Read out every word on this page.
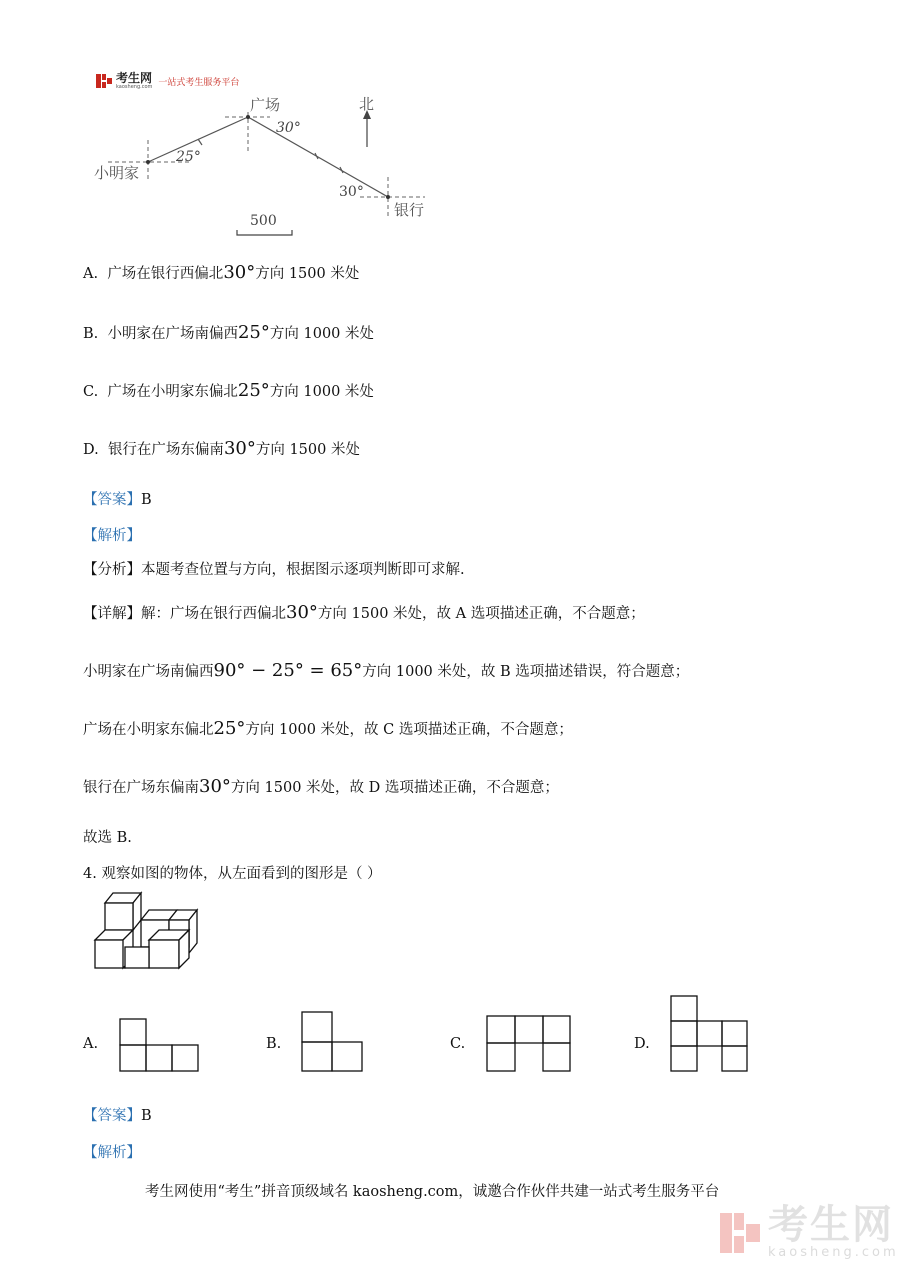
考生网
kaosheng.com 一站式考生服务平台
广场	北
小明家
银行
30°
25°
30°
500
A. 广场在银行西偏北30°方向 1500 米处
B. 小明家在广场南偏西25°方向 1000 米处
C. 广场在小明家东偏北25°方向 1000 米处
D. 银行在广场东偏南30°方向 1500 米处
【答案】B
【解析】
【分析】本题考查位置与方向，根据图示逐项判断即可求解.
【详解】解：广场在银行西偏北30°方向 1500 米处，故 A 选项描述正确，不合题意；
小明家在广场南偏西90° − 25° = 65°方向 1000 米处，故 B 选项描述错误，符合题意；
广场在小明家东偏北25°方向 1000 米处，故 C 选项描述正确，不合题意；
银行在广场东偏南30°方向 1500 米处，故 D 选项描述正确，不合题意；
故选 B.
4. 观察如图的物体，从左面看到的图形是（ ）
A.	B.	C.	D.
【答案】B
【解析】
考生网使用“考生”拼音顶级域名 kaosheng.com，诚邀合作伙伴共建一站式考生服务平台
考生网
kaosheng.com
